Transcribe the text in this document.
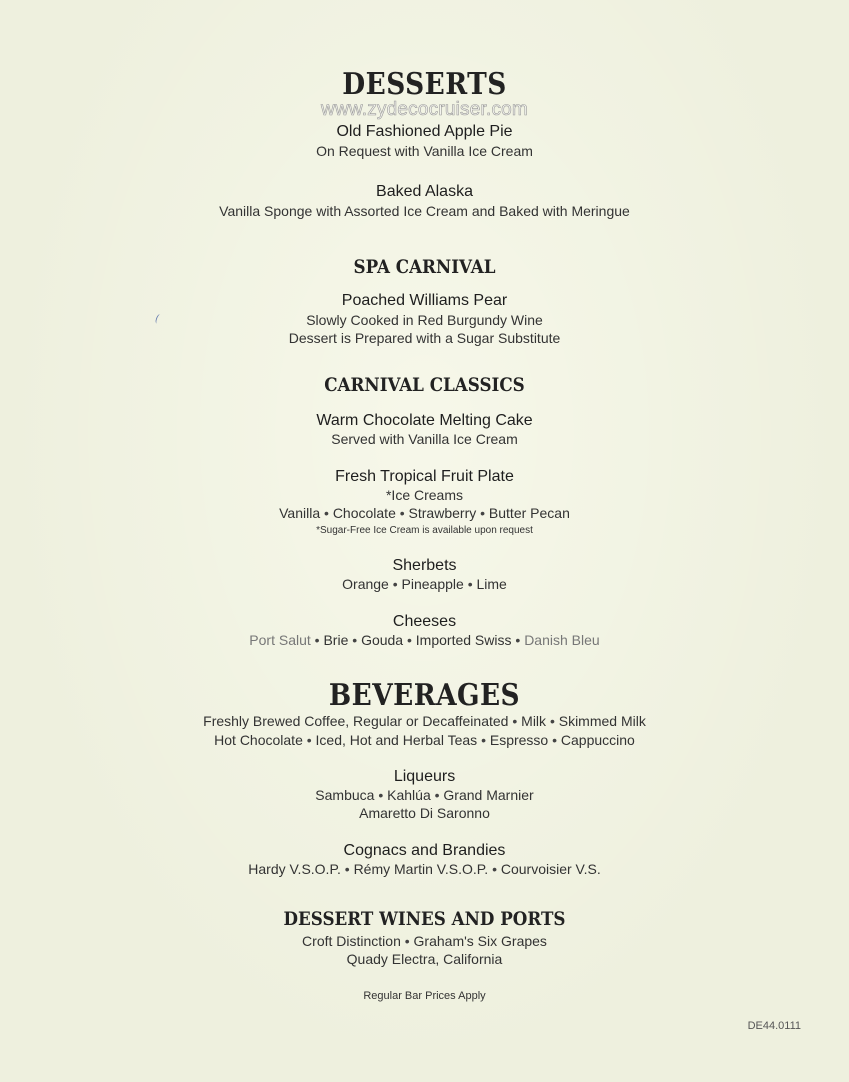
DESSERTS
www.zydecocruiser.com
Old Fashioned Apple Pie
On Request with Vanilla Ice Cream
Baked Alaska
Vanilla Sponge with Assorted Ice Cream and Baked with Meringue
SPA CARNIVAL
Poached Williams Pear
Slowly Cooked in Red Burgundy Wine
Dessert is Prepared with a Sugar Substitute
CARNIVAL CLASSICS
Warm Chocolate Melting Cake
Served with Vanilla Ice Cream
Fresh Tropical Fruit Plate
*Ice Creams
Vanilla • Chocolate • Strawberry • Butter Pecan
*Sugar-Free Ice Cream is available upon request
Sherbets
Orange • Pineapple • Lime
Cheeses
Port Salut • Brie • Gouda • Imported Swiss • Danish Bleu
BEVERAGES
Freshly Brewed Coffee, Regular or Decaffeinated • Milk • Skimmed Milk
Hot Chocolate • Iced, Hot and Herbal Teas • Espresso • Cappuccino
Liqueurs
Sambuca • Kahlúa • Grand Marnier
Amaretto Di Saronno
Cognacs and Brandies
Hardy V.S.O.P. • Rémy Martin V.S.O.P. • Courvoisier V.S.
DESSERT WINES AND PORTS
Croft Distinction • Graham's Six Grapes
Quady Electra, California
Regular Bar Prices Apply
DE44.0111
